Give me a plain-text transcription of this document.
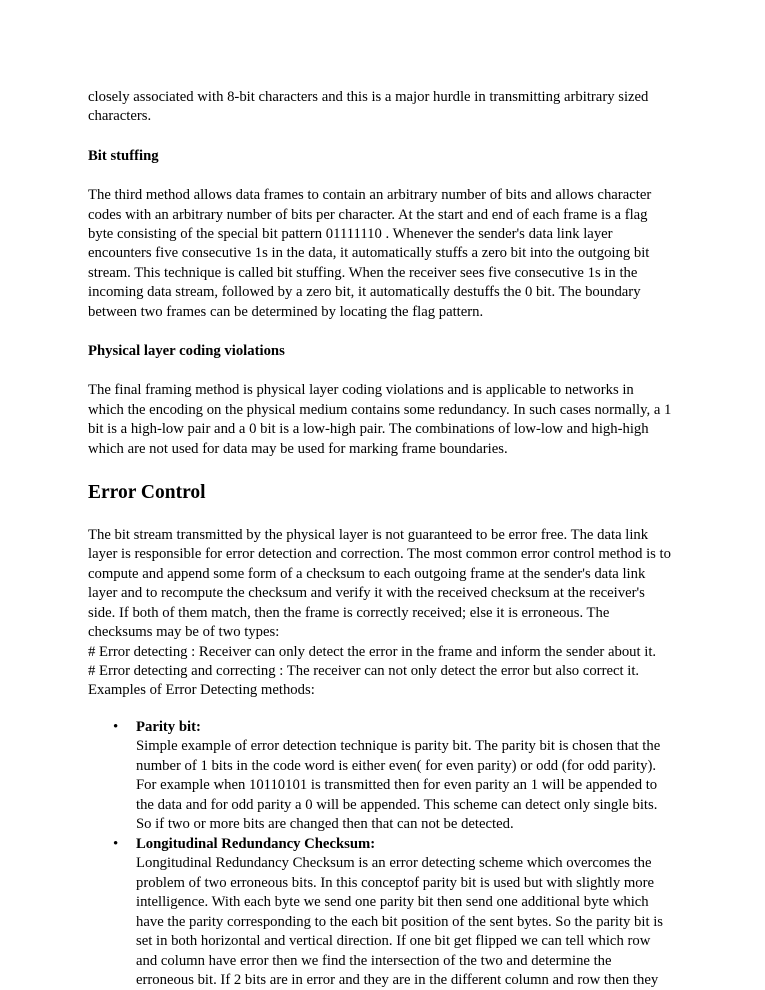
closely associated with 8-bit characters and this is a major hurdle in transmitting arbitrary sized characters.

Bit stuffing

The third method allows data frames to contain an arbitrary number of bits and allows character codes with an arbitrary number of bits per character. At the start and end of each frame is a flag byte consisting of the special bit pattern 01111110 . Whenever the sender's data link layer encounters five consecutive 1s in the data, it automatically stuffs a zero bit into the outgoing bit stream. This technique is called bit stuffing. When the receiver sees five consecutive 1s in the incoming data stream, followed by a zero bit, it automatically destuffs the 0 bit. The boundary between two frames can be determined by locating the flag pattern.

Physical layer coding violations

The final framing method is physical layer coding violations and is applicable to networks in which the encoding on the physical medium contains some redundancy. In such cases normally, a 1 bit is a high-low pair and a 0 bit is a low-high pair. The combinations of low-low and high-high which are not used for data may be used for marking frame boundaries.

Error Control

The bit stream transmitted by the physical layer is not guaranteed to be error free. The data link layer is responsible for error detection and correction. The most common error control method is to compute and append some form of a checksum to each outgoing frame at the sender's data link layer and to recompute the checksum and verify it with the received checksum at the receiver's side. If both of them match, then the frame is correctly received; else it is erroneous. The checksums may be of two types:

# Error detecting : Receiver can only detect the error in the frame and inform the sender about it.

# Error detecting and correcting : The receiver can not only detect the error but also correct it.

Examples of Error Detecting methods:

• Parity bit:
Simple example of error detection technique is parity bit. The parity bit is chosen that the number of 1 bits in the code word is either even( for even parity) or odd (for odd parity). For example when 10110101 is transmitted then for even parity an 1 will be appended to the data and for odd parity a 0 will be appended. This scheme can detect only single bits. So if two or more bits are changed then that can not be detected.
• Longitudinal Redundancy Checksum:
Longitudinal Redundancy Checksum is an error detecting scheme which overcomes the problem of two erroneous bits. In this conceptof parity bit is used but with slightly more intelligence. With each byte we send one parity bit then send one additional byte which have the parity corresponding to the each bit position of the sent bytes. So the parity bit is set in both horizontal and vertical direction. If one bit get flipped we can tell which row and column have error then we find the intersection of the two and determine the erroneous bit. If 2 bits are in error and they are in the different column and row then they
